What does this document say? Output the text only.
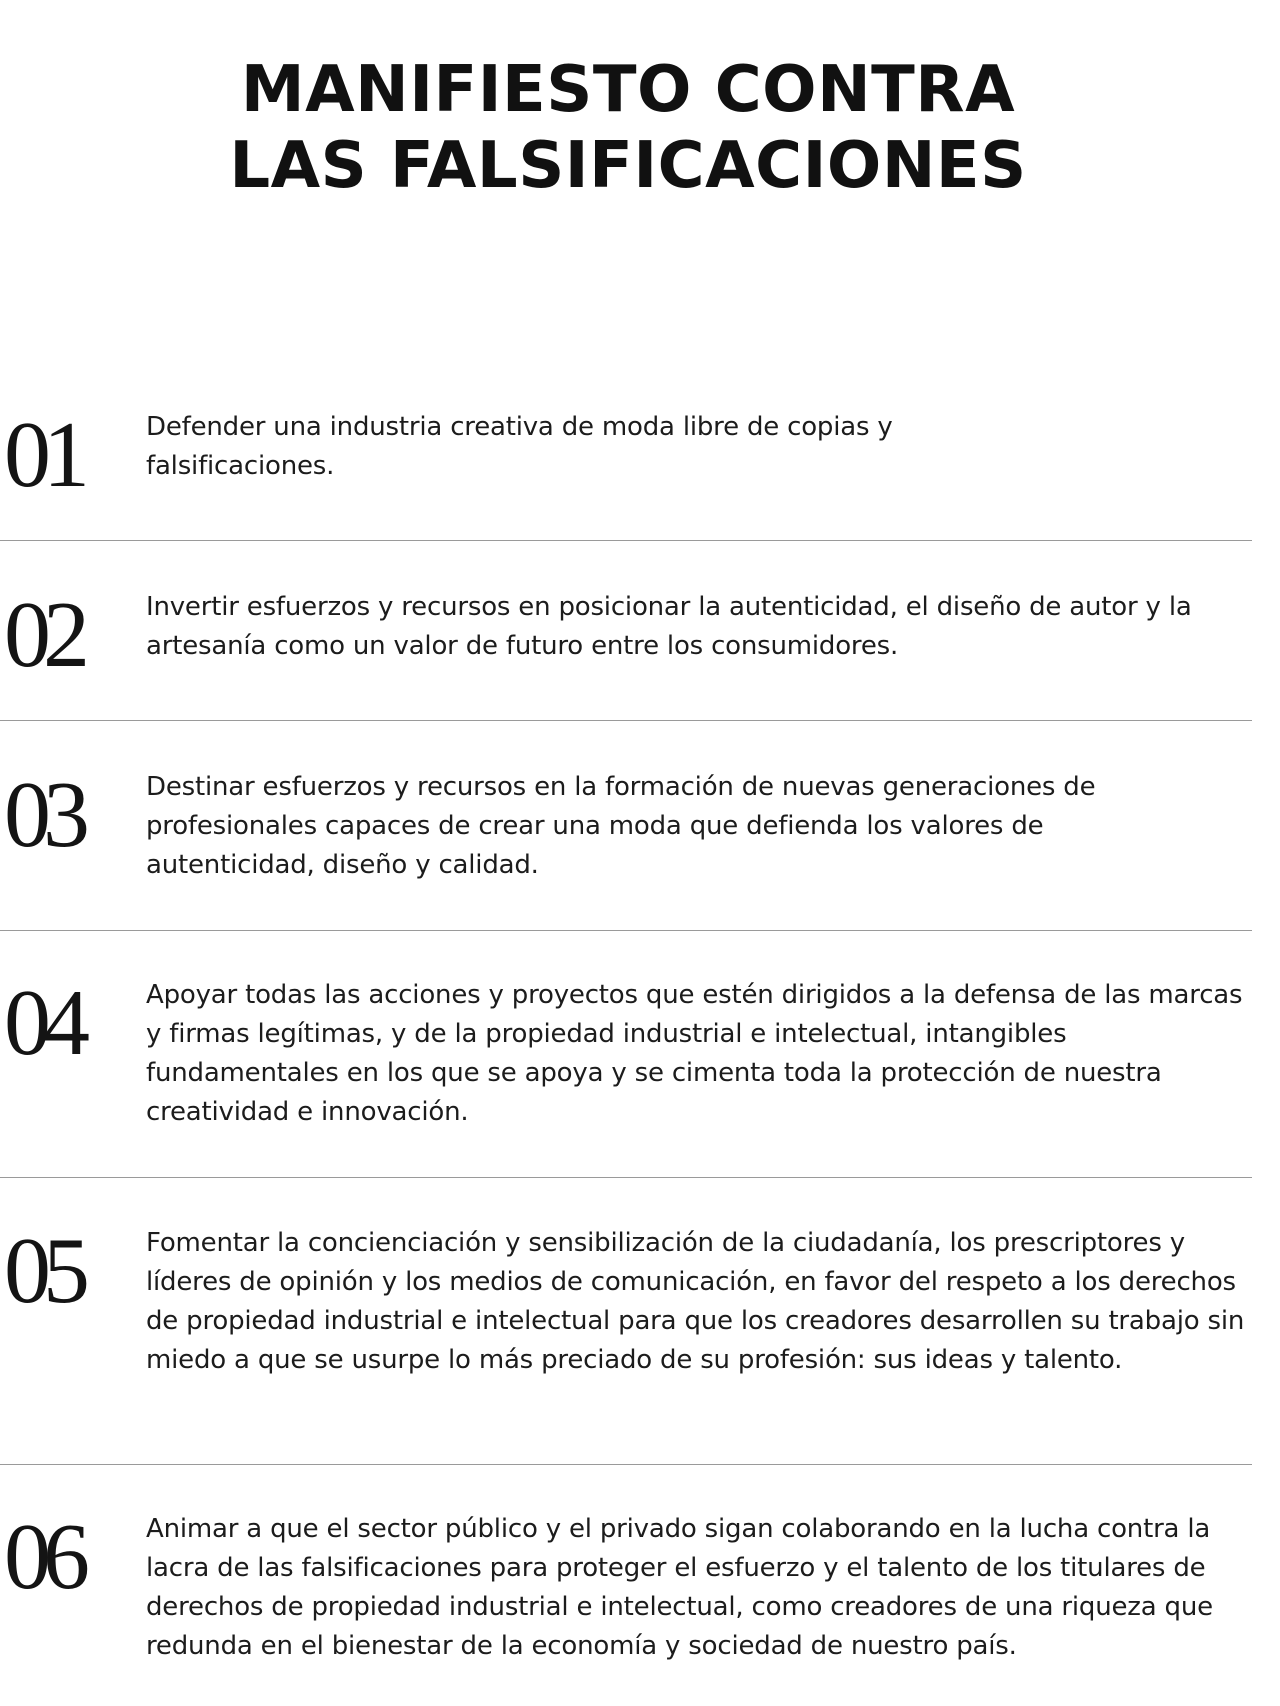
MANIFIESTO CONTRA
LAS FALSIFICACIONES
01 Defender una industria creativa de moda libre de copias y falsificaciones.

02 Invertir esfuerzos y recursos en posicionar la autenticidad, el diseño de autor y la artesanía como un valor de futuro entre los consumidores.

03 Destinar esfuerzos y recursos en la formación de nuevas generaciones de profesionales capaces de crear una moda que defienda los valores de autenticidad, diseño y calidad.

04 Apoyar todas las acciones y proyectos que estén dirigidos a la defensa de las marcas y firmas legítimas, y de la propiedad industrial e intelectual, intangibles fundamentales en los que se apoya y se cimenta toda la protección de nuestra creatividad e innovación.

05 Fomentar la concienciación y sensibilización de la ciudadanía, los prescriptores y líderes de opinión y los medios de comunicación, en favor del respeto a los derechos de propiedad industrial e intelectual para que los creadores desarrollen su trabajo sin miedo a que se usurpe lo más preciado de su profesión: sus ideas y talento.

06 Animar a que el sector público y el privado sigan colaborando en la lucha contra la lacra de las falsificaciones para proteger el esfuerzo y el talento de los titulares de derechos de propiedad industrial e intelectual, como creadores de una riqueza que redunda en el bienestar de la economía y sociedad de nuestro país.
